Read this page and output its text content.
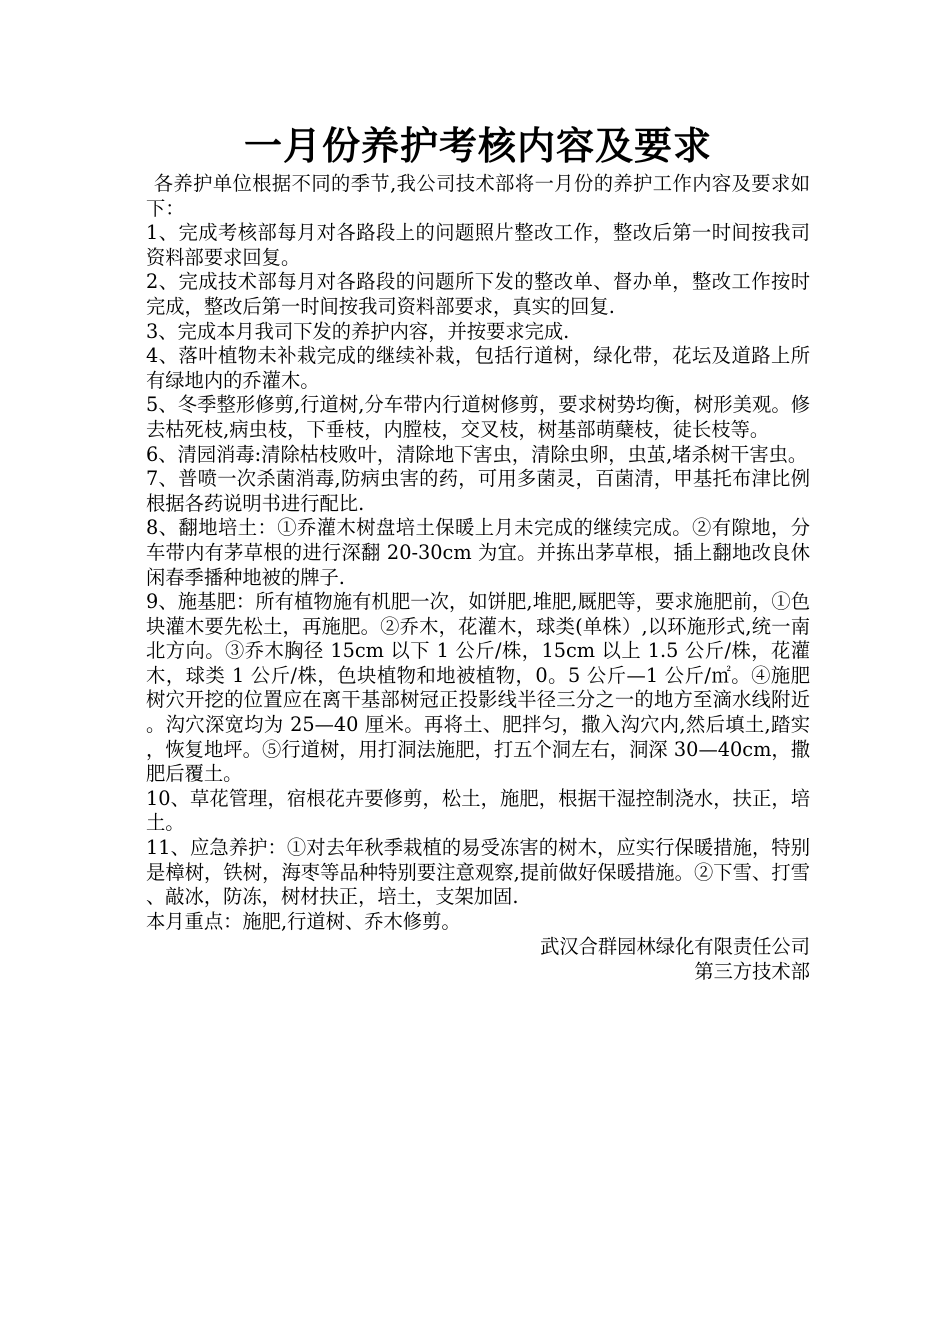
一月份养护考核内容及要求

各养护单位根据不同的季节,我公司技术部将一月份的养护工作内容及要求如下：

1、完成考核部每月对各路段上的问题照片整改工作，整改后第一时间按我司资料部要求回复。

2、完成技术部每月对各路段的问题所下发的整改单、督办单，整改工作按时完成，整改后第一时间按我司资料部要求，真实的回复.

3、完成本月我司下发的养护内容，并按要求完成.

4、落叶植物未补栽完成的继续补栽，包括行道树，绿化带，花坛及道路上所有绿地内的乔灌木。

5、冬季整形修剪,行道树,分车带内行道树修剪，要求树势均衡，树形美观。修去枯死枝,病虫枝，下垂枝，内膛枝，交叉枝，树基部萌蘖枝，徒长枝等。

6、清园消毒:清除枯枝败叶，清除地下害虫，清除虫卵，虫茧,堵杀树干害虫。

7、普喷一次杀菌消毒,防病虫害的药，可用多菌灵，百菌清，甲基托布津比例根据各药说明书进行配比.

8、翻地培土：①乔灌木树盘培土保暖上月未完成的继续完成。②有隙地，分车带内有茅草根的进行深翻 20-30cm 为宜。并拣出茅草根，插上翻地改良休闲春季播种地被的牌子.

9、施基肥：所有植物施有机肥一次，如饼肥,堆肥,厩肥等，要求施肥前，①色块灌木要先松土，再施肥。②乔木，花灌木，球类(单株）,以环施形式,统一南北方向。③乔木胸径 15cm 以下 1 公斤/株，15cm 以上 1.5 公斤/株，花灌木，球类 1 公斤/株，色块植物和地被植物，0。5 公斤—1 公斤/㎡。④施肥树穴开挖的位置应在离干基部树冠正投影线半径三分之一的地方至滴水线附近。沟穴深宽均为 25—40 厘米。再将土、肥拌匀，撒入沟穴内,然后填土,踏实，恢复地坪。⑤行道树，用打洞法施肥，打五个洞左右，洞深 30—40cm，撒肥后覆土。

10、草花管理，宿根花卉要修剪，松土，施肥，根据干湿控制浇水，扶正，培土。

11、应急养护：①对去年秋季栽植的易受冻害的树木，应实行保暖措施，特别是樟树，铁树，海枣等品种特别要注意观察,提前做好保暖措施。②下雪、打雪、敲冰，防冻，树材扶正，培土，支架加固.

本月重点：施肥,行道树、乔木修剪。

武汉合群园林绿化有限责任公司

第三方技术部
